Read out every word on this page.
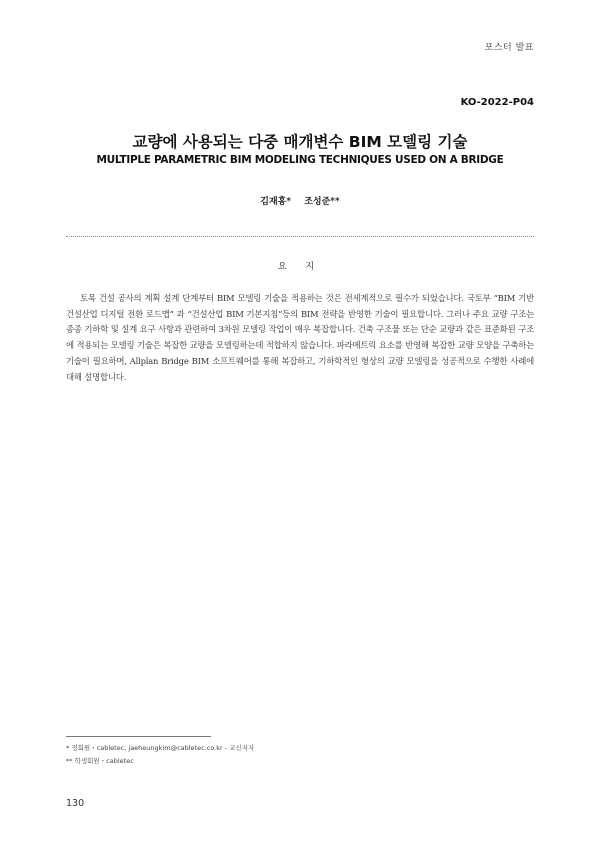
포스터 발표
KO-2022-P04
교량에 사용되는 다중 매개변수 BIM 모델링 기술
MULTIPLE PARAMETRIC BIM MODELING TECHNIQUES USED ON A BRIDGE
김재홍* 조성준**
요 지
토목 건설 공사의 계획 설계 단계부터 BIM 모델링 기술을 적용하는 것은 전세계적으로 필수가 되었습니다. 국토부 “BIM 기반 건설산업 디지털 전환 로드맵” 과 “건설산업 BIM 기본지침”등의 BIM 전략을 반영한 기술이 필요합니다. 그러나 주요 교량 구조는 종종 기하학 및 설계 요구 사항과 관련하여 3차원 모델링 작업이 매우 복잡합니다. 건축 구조물 또는 단순 교량과 같은 표준화된 구조에 적용되는 모델링 기술은 복잡한 교량을 모델링하는데 적합하지 않습니다. 파라메트릭 요소를 반영해 복잡한 교량 모양을 구축하는 기술이 필요하며, Allplan Bridge BIM 소프트웨어를 통해 복잡하고, 기하학적인 형상의 교량 모델링을 성공적으로 수행한 사례에 대해 설명합니다.
* 정회원・cabletec, jaeheungkim@cabletec.co.kr - 교신저자
** 학생회원・cabletec
130
